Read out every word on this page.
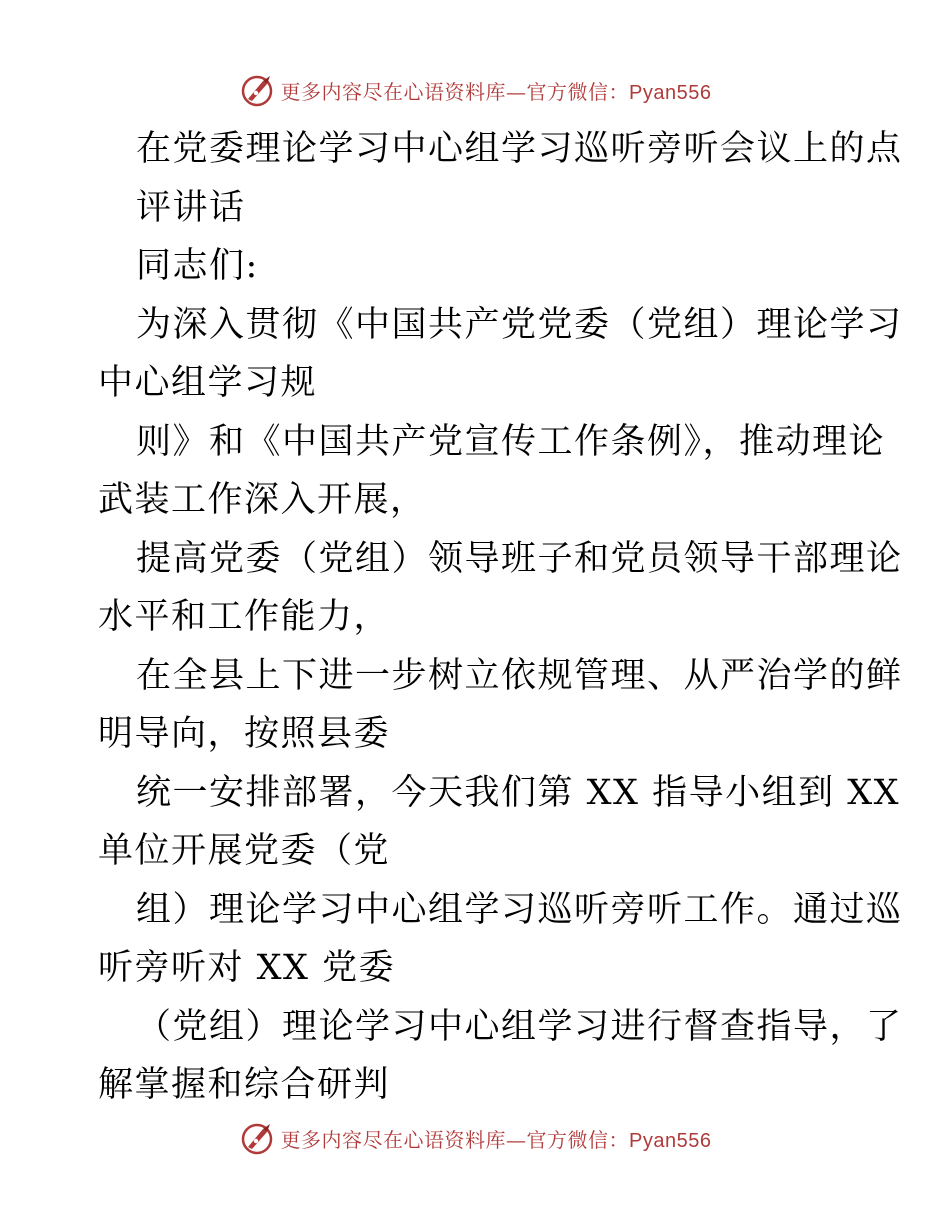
更多内容尽在心语资料库—官方微信：Pyan556
在党委理论学习中心组学习巡听旁听会议上的点
评讲话
同志们:
为深入贯彻《中国共产党党委（党组）理论学习
中心组学习规
则》和《中国共产党宣传工作条例》，推动理论
武装工作深入开展，
提高党委（党组）领导班子和党员领导干部理论
水平和工作能力，
在全县上下进一步树立依规管理、从严治学的鲜
明导向，按照县委
统一安排部署，今天我们第 XX 指导小组到 XX
单位开展党委（党
组）理论学习中心组学习巡听旁听工作。通过巡
听旁听对 XX 党委
（党组）理论学习中心组学习进行督查指导，了
解掌握和综合研判
更多内容尽在心语资料库—官方微信：Pyan556
